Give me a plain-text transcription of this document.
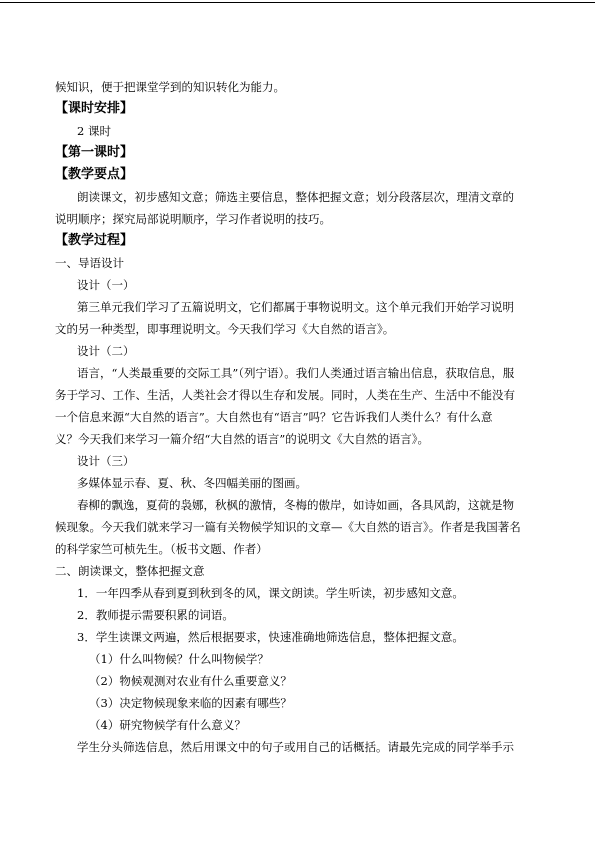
候知识，便于把课堂学到的知识转化为能力。
【课时安排】
2 课时
【第一课时】
【教学要点】
朗读课文，初步感知文意；筛选主要信息，整体把握文意；划分段落层次，理清文章的
说明顺序；探究局部说明顺序，学习作者说明的技巧。
【教学过程】
一、导语设计
设计（一）
第三单元我们学习了五篇说明文，它们都属于事物说明文。这个单元我们开始学习说明
文的另一种类型，即事理说明文。今天我们学习《大自然的语言》。
设计（二）
语言，“人类最重要的交际工具”（列宁语）。我们人类通过语言输出信息，获取信息，服
务于学习、工作、生活，人类社会才得以生存和发展。同时，人类在生产、生活中不能没有
一个信息来源“大自然的语言”。大自然也有“语言”吗？它告诉我们人类什么？有什么意
义？今天我们来学习一篇介绍“大自然的语言”的说明文《大自然的语言》。
设计（三）
多媒体显示春、夏、秋、冬四幅美丽的图画。
春柳的飘逸，夏荷的袅娜，秋枫的激情，冬梅的傲岸，如诗如画，各具风韵，这就是物
候现象。今天我们就来学习一篇有关物候学知识的文章—《大自然的语言》。作者是我国著名
的科学家竺可桢先生。（板书文题、作者）
二、朗读课文，整体把握文意
1．一年四季从春到夏到秋到冬的风，课文朗读。学生听读，初步感知文意。
2．教师提示需要积累的词语。
3．学生读课文两遍，然后根据要求，快速准确地筛选信息，整体把握文意。
（1）什么叫物候？什么叫物候学？
（2）物候观测对农业有什么重要意义？
（3）决定物候现象来临的因素有哪些？
（4）研究物候学有什么意义？
学生分头筛选信息，然后用课文中的句子或用自己的话概括。请最先完成的同学举手示
